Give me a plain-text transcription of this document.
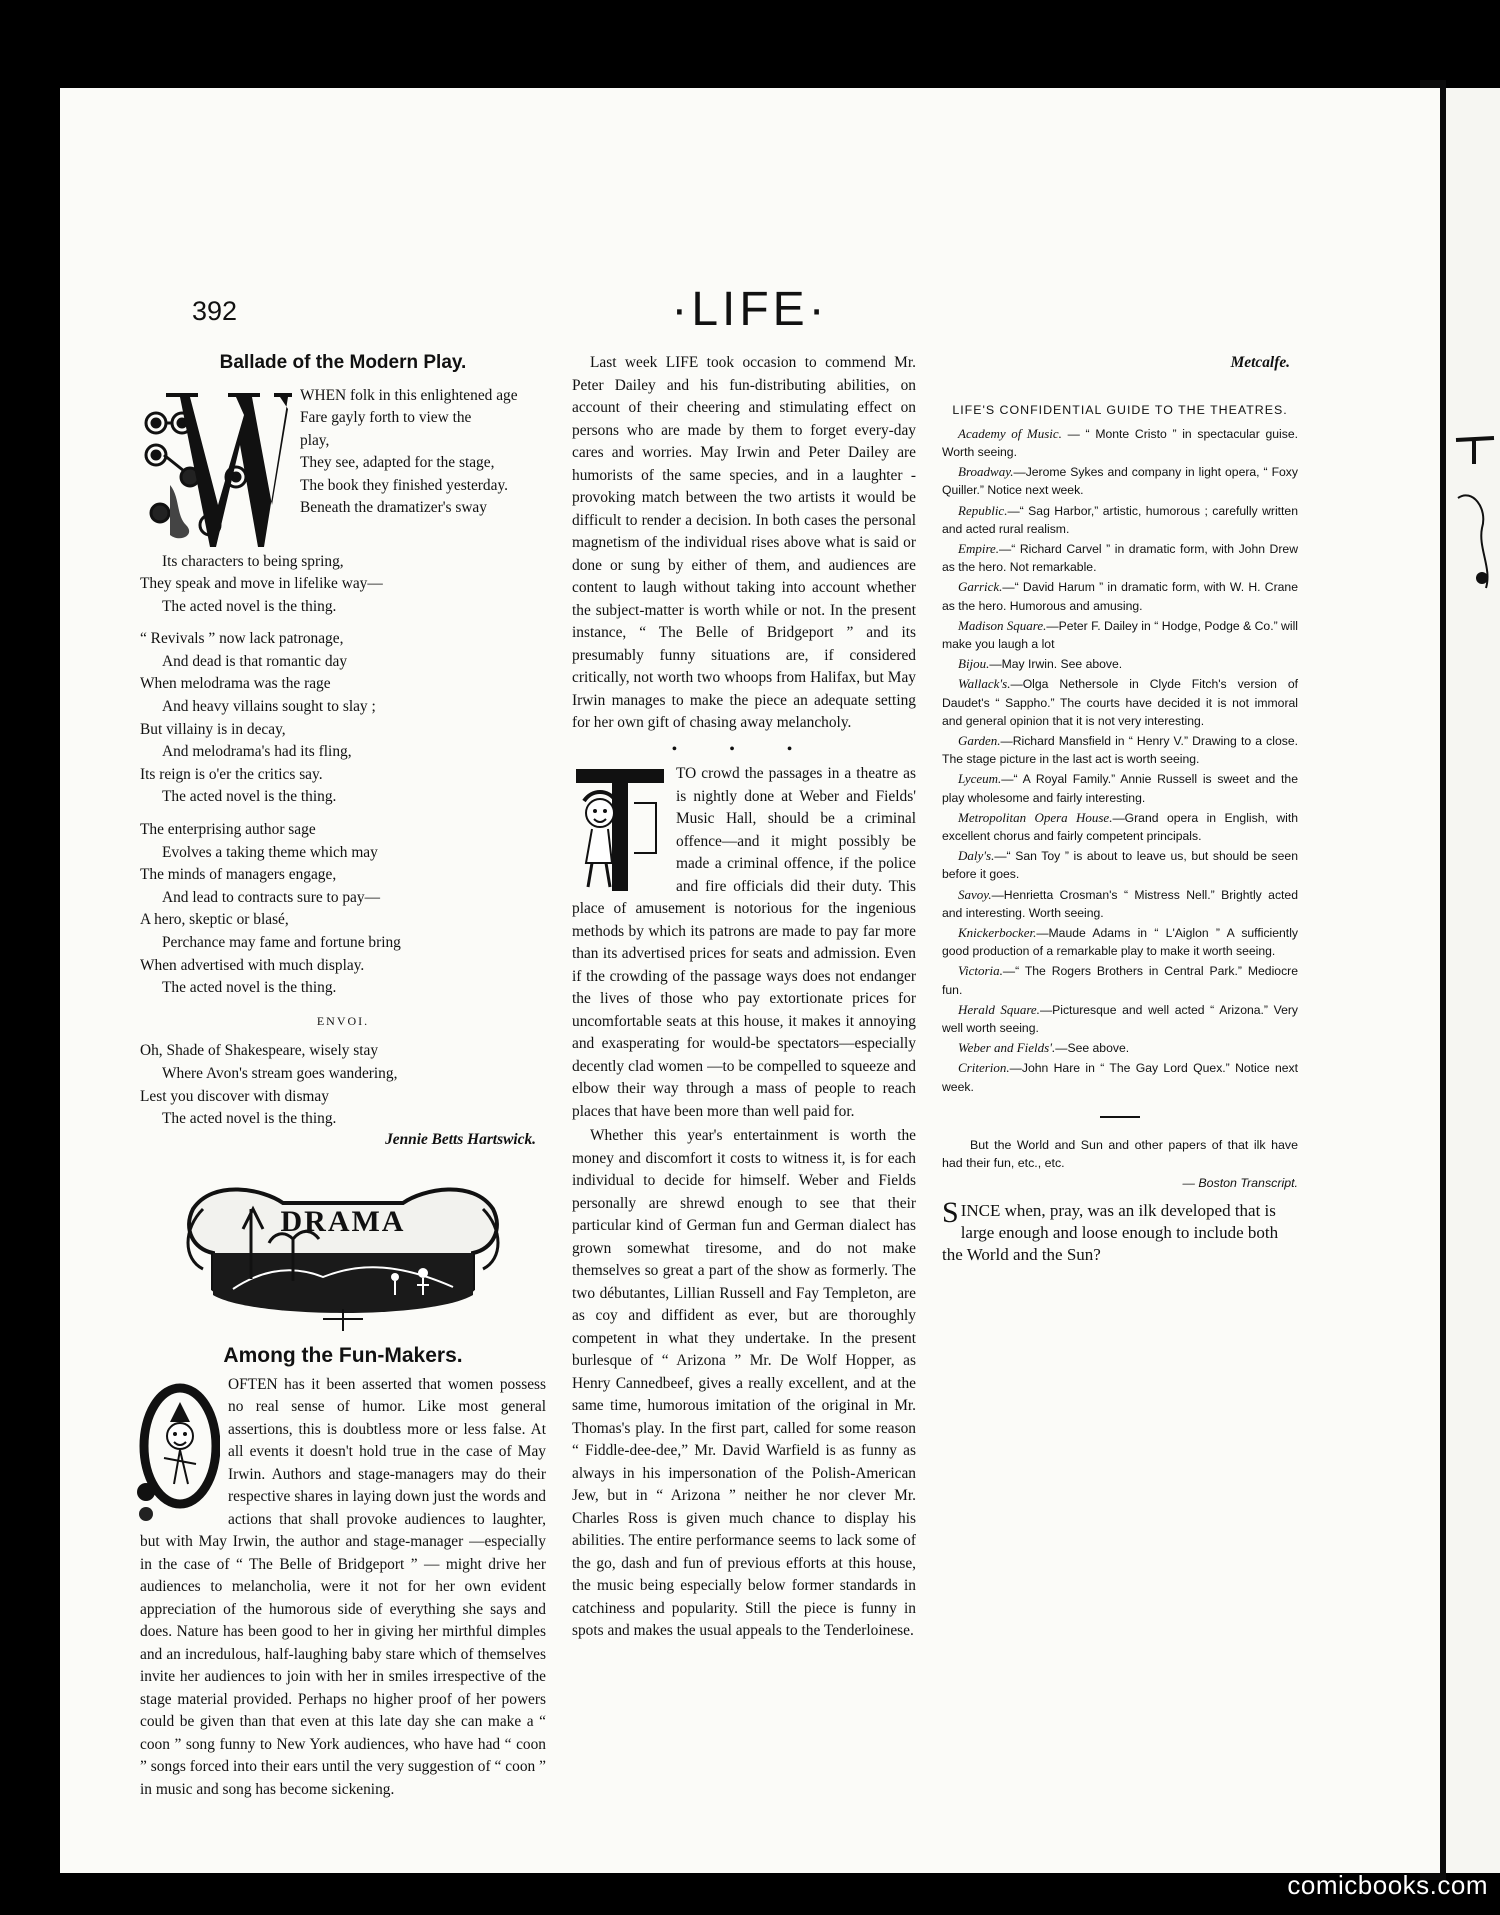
392	·LIFE·
Ballade of the Modern Play.
WHEN folk in this enlightened age
Fare gayly forth to view the
play,
They see, adapted for the stage,
The book they finished yesterday.
Beneath the dramatizer's sway
Its characters to being spring,
They speak and move in lifelike way—
The acted novel is the thing.
“ Revivals ” now lack patronage,
And dead is that romantic day
When melodrama was the rage
And heavy villains sought to slay ;
But villainy is in decay,
And melodrama's had its fling,
Its reign is o'er the critics say.
The acted novel is the thing.
The enterprising author sage
Evolves a taking theme which may
The minds of managers engage,
And lead to contracts sure to pay—
A hero, skeptic or blasé,
Perchance may fame and fortune bring
When advertised with much display.
The acted novel is the thing.
ENVOI.
Oh, Shade of Shakespeare, wisely stay
Where Avon's stream goes wandering,
Lest you discover with dismay
The acted novel is the thing.
Jennie Betts Hartswick.
DRAMA
Among the Fun-Makers.

OFTEN has it been asserted that women possess no real sense of humor. Like most general assertions, this is doubtless more or less false. At all events it doesn't hold true in the case of May Irwin. Authors and stage-managers may do their respective shares in laying down just the words and actions that shall provoke audiences to laughter, but with May Irwin, the author and stage-manager —especially in the case of “ The Belle of Bridgeport ” — might drive her audiences to melancholia, were it not for her own evident appreciation of the humorous side of everything she says and does. Nature has been good to her in giving her mirthful dimples and an incredulous, half-laughing baby stare which of themselves invite her audiences to join with her in smiles irrespective of the stage material provided. Perhaps no higher proof of her powers could be given than that even at this late day she can make a “ coon ” song funny to New York audiences, who have had “ coon ” songs forced into their ears until the very suggestion of “ coon ” in music and song has become sickening.

Last week LIFE took occasion to commend Mr. Peter Dailey and his fun-distributing abilities, on account of their cheering and stimulating effect on persons who are made by them to forget every-day cares and worries. May Irwin and Peter Dailey are humorists of the same species, and in a laughter - provoking match between the two artists it would be difficult to render a decision. In both cases the personal magnetism of the individual rises above what is said or done or sung by either of them, and audiences are content to laugh without taking into account whether the subject-matter is worth while or not. In the present instance, “ The Belle of Bridgeport ” and its presumably funny situations are, if considered critically, not worth two whoops from Halifax, but May Irwin manages to make the piece an adequate setting for her own gift of chasing away melancholy.

• • •

TO crowd the passages in a theatre as is nightly done at Weber and Fields' Music Hall, should be a criminal offence—and it might possibly be made a criminal offence, if the police and fire officials did their duty. This place of amusement is notorious for the ingenious methods by which its patrons are made to pay far more than its advertised prices for seats and admission. Even if the crowding of the passage ways does not endanger the lives of those who pay extortionate prices for uncomfortable seats at this house, it makes it annoying and exasperating for would-be spectators—especially decently clad women —to be compelled to squeeze and elbow their way through a mass of people to reach places that have been more than well paid for.

Whether this year's entertainment is worth the money and discomfort it costs to witness it, is for each individual to decide for himself. Weber and Fields personally are shrewd enough to see that their particular kind of German fun and German dialect has grown somewhat tiresome, and do not make themselves so great a part of the show as formerly. The two débutantes, Lillian Russell and Fay Templeton, are as coy and diffident as ever, but are thoroughly competent in what they undertake. In the present burlesque of “ Arizona ” Mr. De Wolf Hopper, as Henry Cannedbeef, gives a really excellent, and at the same time, humorous imitation of the original in Mr. Thomas's play. In the first part, called for some reason “ Fiddle-dee-dee,” Mr. David Warfield is as funny as always in his impersonation of the Polish-American Jew, but in “ Arizona ” neither he nor clever Mr. Charles Ross is given much chance to display his abilities. The entire performance seems to lack some of the go, dash and fun of previous efforts at this house, the music being especially below former standards in catchiness and popularity. Still the piece is funny in spots and makes the usual appeals to the Tenderloinese.

Metcalfe.
LIFE'S CONFIDENTIAL GUIDE TO THE THEATRES.
Academy of Music. — “ Monte Cristo ” in spectacular guise. Worth seeing.
Broadway.—Jerome Sykes and company in light opera, “ Foxy Quiller.” Notice next week.
Republic.—“ Sag Harbor,” artistic, humorous ; carefully written and acted rural realism.
Empire.—“ Richard Carvel ” in dramatic form, with John Drew as the hero. Not remarkable.
Garrick.—“ David Harum ” in dramatic form, with W. H. Crane as the hero. Humorous and amusing.
Madison Square.—Peter F. Dailey in “ Hodge, Podge & Co.” will make you laugh a lot
Bijou.—May Irwin. See above.
Wallack's.—Olga Nethersole in Clyde Fitch's version of Daudet's “ Sappho.” The courts have decided it is not immoral and general opinion that it is not very interesting.
Garden.—Richard Mansfield in “ Henry V.” Drawing to a close. The stage picture in the last act is worth seeing.
Lyceum.—“ A Royal Family.” Annie Russell is sweet and the play wholesome and fairly interesting.
Metropolitan Opera House.—Grand opera in English, with excellent chorus and fairly competent principals.
Daly's.—“ San Toy ” is about to leave us, but should be seen before it goes.
Savoy.—Henrietta Crosman's “ Mistress Nell.” Brightly acted and interesting. Worth seeing.
Knickerbocker.—Maude Adams in “ L'Aiglon ” A sufficiently good production of a remarkable play to make it worth seeing.
Victoria.—“ The Rogers Brothers in Central Park.” Mediocre fun.
Herald Square.—Picturesque and well acted “ Arizona.” Very well worth seeing.
Weber and Fields'.—See above.
Criterion.—John Hare in “ The Gay Lord Quex.” Notice next week.
But the World and Sun and other papers of that ilk have had their fun, etc., etc.
— Boston Transcript.
SINCE when, pray, was an ilk developed that is large enough and loose enough to include both the World and the Sun?
comicbooks.com
